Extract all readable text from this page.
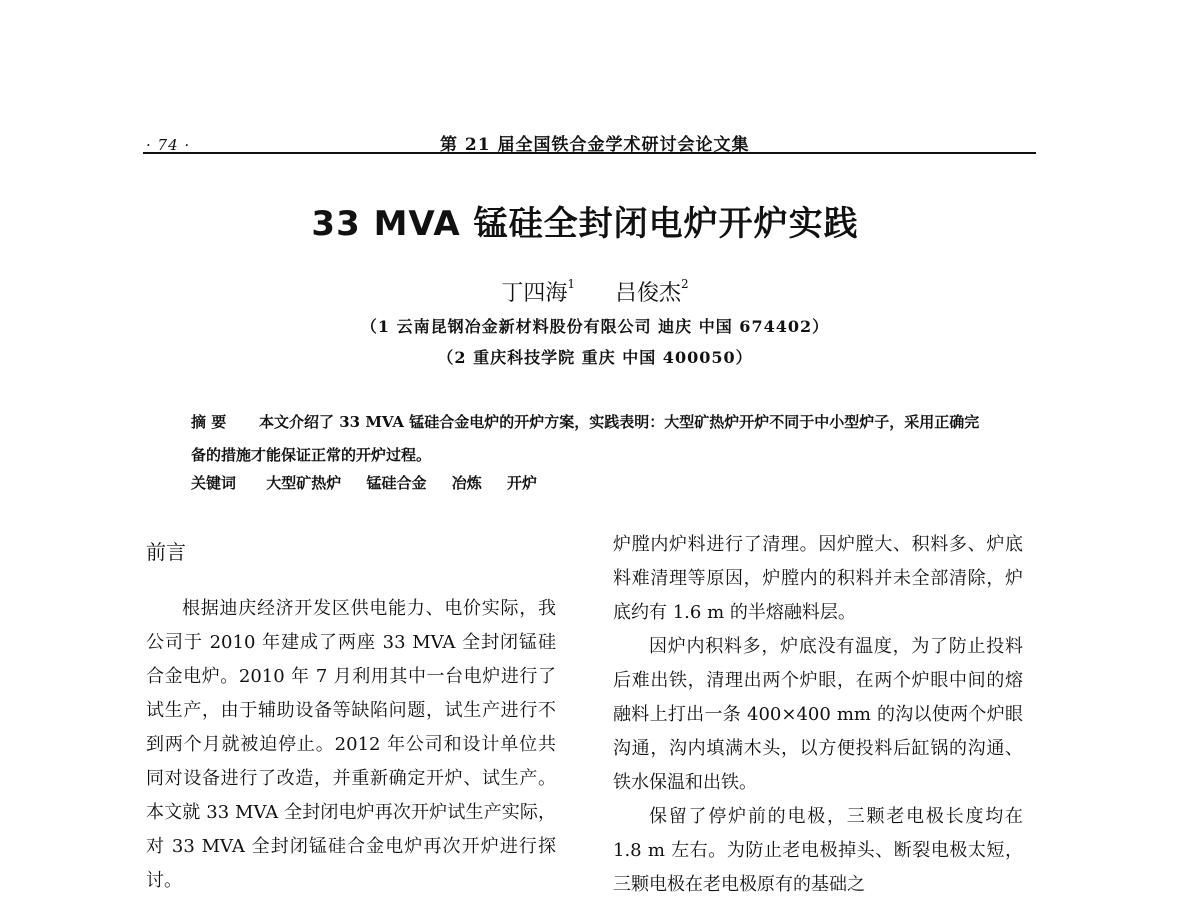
· 74 ·	第 21 届全国铁合金学术研讨会论文集
33 MVA 锰硅全封闭电炉开炉实践
丁四海$^1$ 吕俊杰$^2$
（1 云南昆钢冶金新材料股份有限公司 迪庆 中国 674402）
（2 重庆科技学院 重庆 中国 400050）
摘 要 本文介绍了 33 MVA 锰硅合金电炉的开炉方案，实践表明：大型矿热炉开炉不同于中小型炉子，采用正确完备的措施才能保证正常的开炉过程。
关键词 大型矿热炉 锰硅合金 冶炼 开炉
前言

根据迪庆经济开发区供电能力、电价实际，我公司于 2010 年建成了两座 33 MVA 全封闭锰硅合金电炉。2010 年 7 月利用其中一台电炉进行了试生产，由于辅助设备等缺陷问题，试生产进行不到两个月就被迫停止。2012 年公司和设计单位共同对设备进行了改造，并重新确定开炉、试生产。本文就 33 MVA 全封闭电炉再次开炉试生产实际，对 33 MVA 全封闭锰硅合金电炉再次开炉进行探讨。

炉膛内炉料进行了清理。因炉膛大、积料多、炉底料难清理等原因，炉膛内的积料并未全部清除，炉底约有 1.6 m 的半熔融料层。

因炉内积料多，炉底没有温度，为了防止投料后难出铁，清理出两个炉眼，在两个炉眼中间的熔融料上打出一条 400×400 mm 的沟以使两个炉眼沟通，沟内填满木头，以方便投料后缸锅的沟通、铁水保温和出铁。

保留了停炉前的电极，三颗老电极长度均在 1.8 m 左右。为防止老电极掉头、断裂电极太短，三颗电极在老电极原有的基础之
